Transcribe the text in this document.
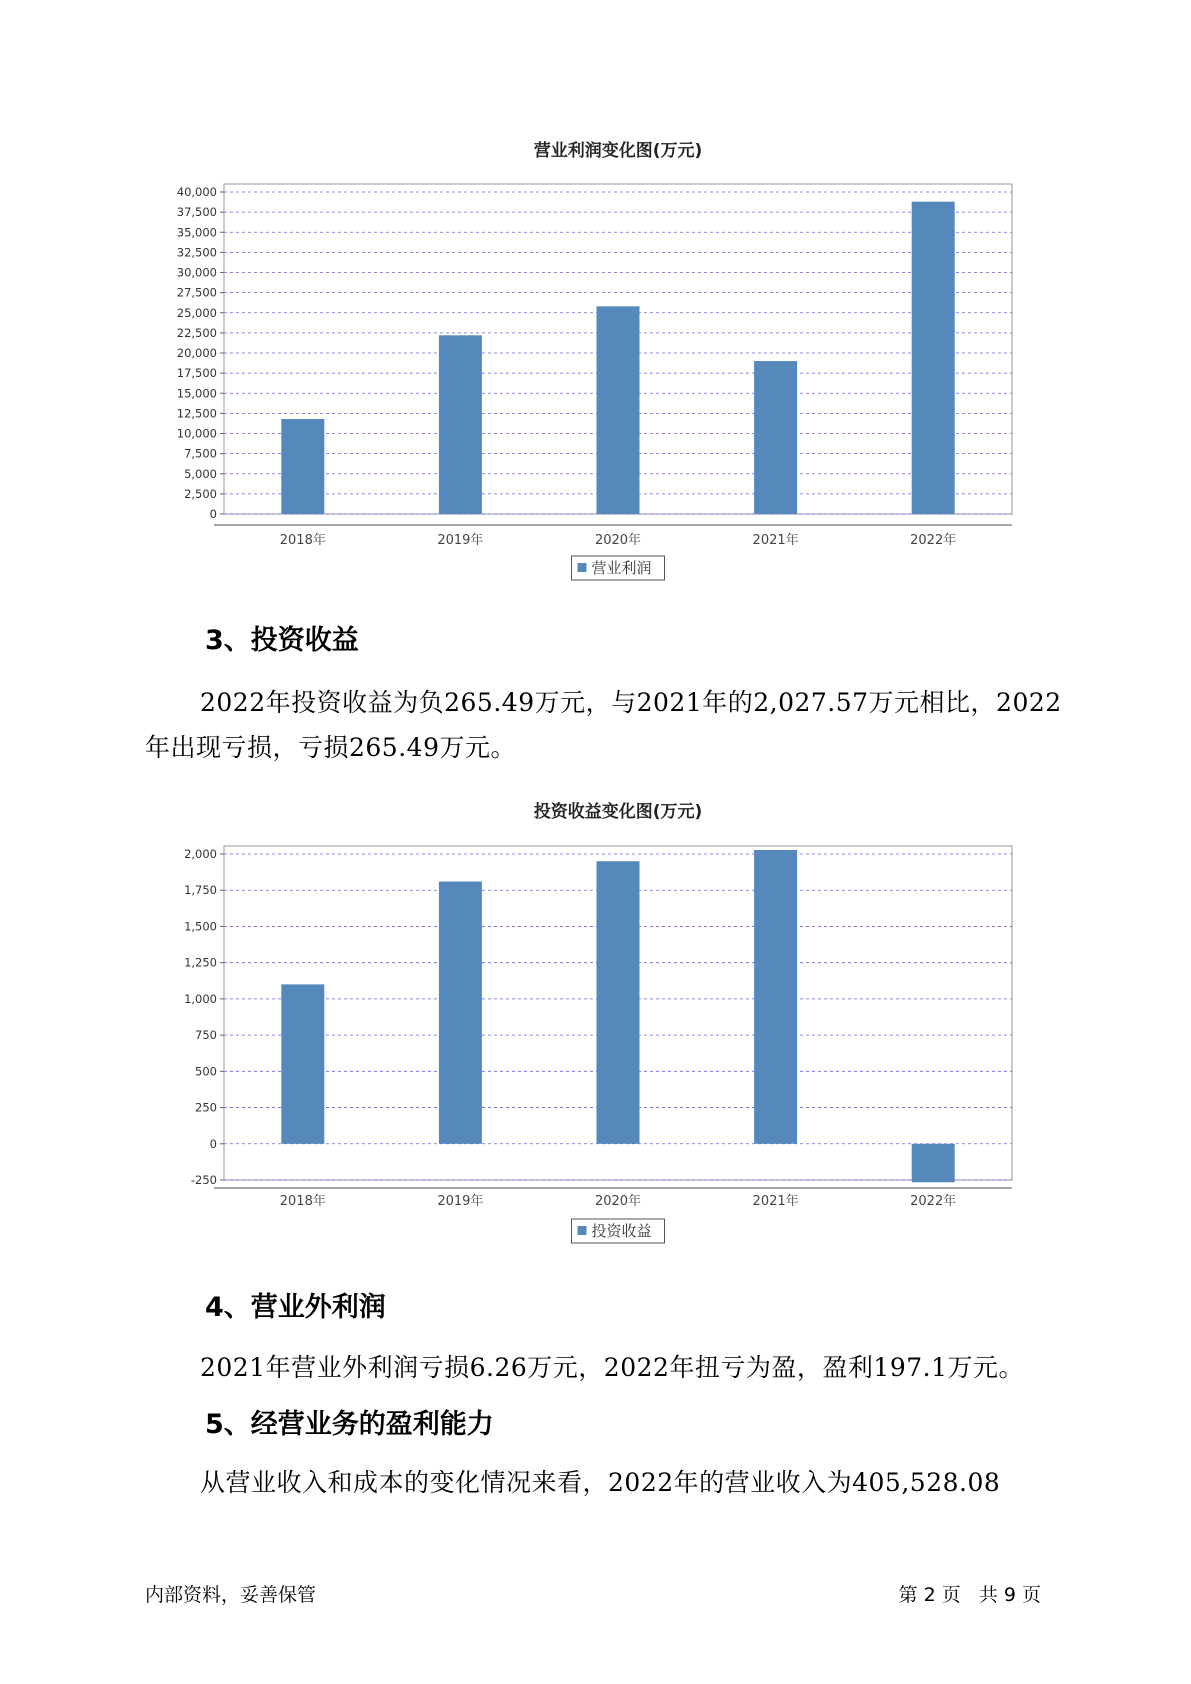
营业利润变化图(万元)
0
2,500
5,000
7,500
10,000
12,500
15,000
17,500
20,000
22,500
25,000
27,500
30,000
32,500
35,000
37,500
40,000
2018年	2019年	2020年	2021年	2022年
营业利润
3、投资收益

2022年投资收益为负265.49万元，与2021年的2,027.57万元相比，2022年出现亏损，亏损265.49万元。

投资收益变化图(万元)
-250
0
250
500
750
1,000
1,250
1,500
1,750
2,000
2018年	2019年	2020年	2021年	2022年
投资收益
4、营业外利润

2021年营业外利润亏损6.26万元，2022年扭亏为盈，盈利197.1万元。

5、经营业务的盈利能力

从营业收入和成本的变化情况来看，2022年的营业收入为405,528.08

内部资料，妥善保管	第 2 页   共 9 页
